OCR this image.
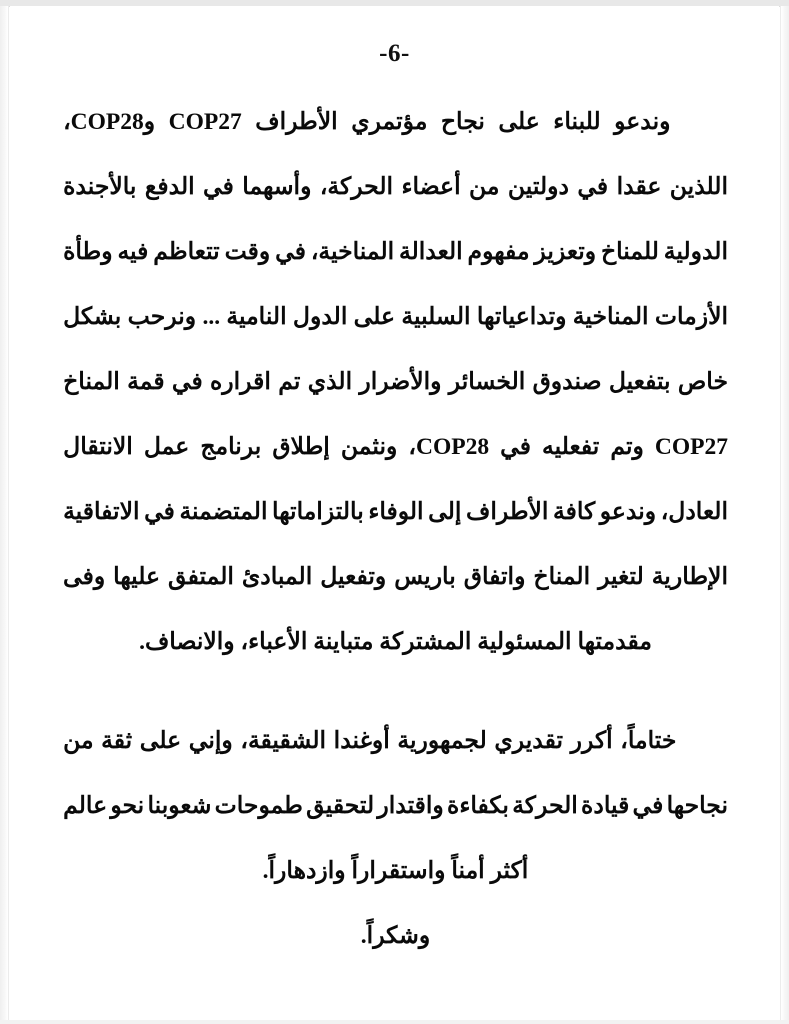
-6-
وندعو
للبناء
على
نجاح
مؤتمري
الأطراف
COP27
وCOP28،
اللذين
عقدا
في
دولتين
من
أعضاء
الحركة،
وأسهما
في
الدفع
بالأجندة
الدولية
للمناخ
وتعزيز
مفهوم
العدالة
المناخية،
في
وقت
تتعاظم
فيه
وطأة
الأزمات
المناخية
وتداعياتها
السلبية
على
الدول
النامية
...
ونرحب
بشكل
خاص
بتفعيل
صندوق
الخسائر
والأضرار
الذي
تم
اقراره
في
قمة
المناخ
COP27
وتم
تفعليه
في
COP28،
ونثمن
إطلاق
برنامج
عمل
الانتقال
العادل،
وندعو
كافة
الأطراف
إلى
الوفاء
بالتزاماتها
المتضمنة
في
الاتفاقية
الإطارية
لتغير
المناخ
واتفاق
باريس
وتفعيل
المبادئ
المتفق
عليها
وفى
مقدمتها المسئولية المشتركة متباينة الأعباء، والانصاف.
ختاماً،
أكرر
تقديري
لجمهورية
أوغندا
الشقيقة،
وإني
على
ثقة
من
نجاحها
في
قيادة
الحركة
بكفاءة
واقتدار
لتحقيق
طموحات
شعوبنا
نحو
عالم
أكثر أمناً واستقراراً وازدهاراً.
وشكراً.
